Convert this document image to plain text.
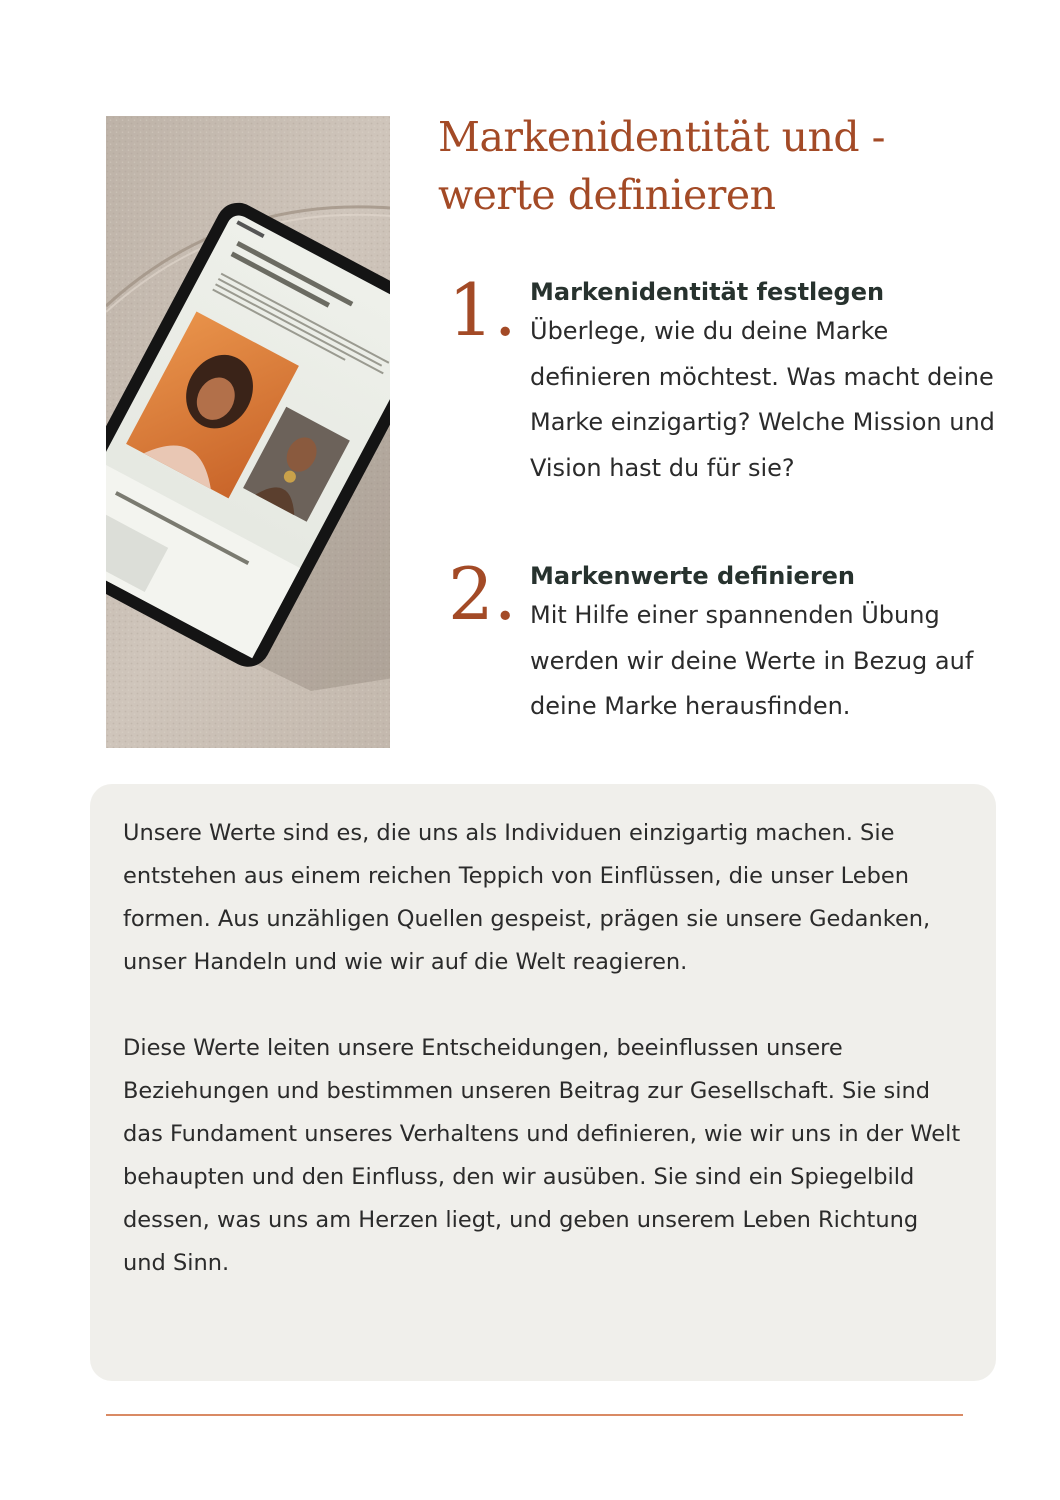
Markenidentität und -werte definieren
1. Markenidentität festlegen

Überlege, wie du deine Marke definieren möchtest. Was macht deine Marke einzigartig? Welche Mission und Vision hast du für sie?

2. Markenwerte definieren

Mit Hilfe einer spannenden Übung werden wir deine Werte in Bezug auf deine Marke herausfinden.

Unsere Werte sind es, die uns als Individuen einzigartig machen. Sie entstehen aus einem reichen Teppich von Einflüssen, die unser Leben formen. Aus unzähligen Quellen gespeist, prägen sie unsere Gedanken, unser Handeln und wie wir auf die Welt reagieren.

Diese Werte leiten unsere Entscheidungen, beeinflussen unsere Beziehungen und bestimmen unseren Beitrag zur Gesellschaft. Sie sind das Fundament unseres Verhaltens und definieren, wie wir uns in der Welt behaupten und den Einfluss, den wir ausüben. Sie sind ein Spiegelbild dessen, was uns am Herzen liegt, und geben unserem Leben Richtung und Sinn.
